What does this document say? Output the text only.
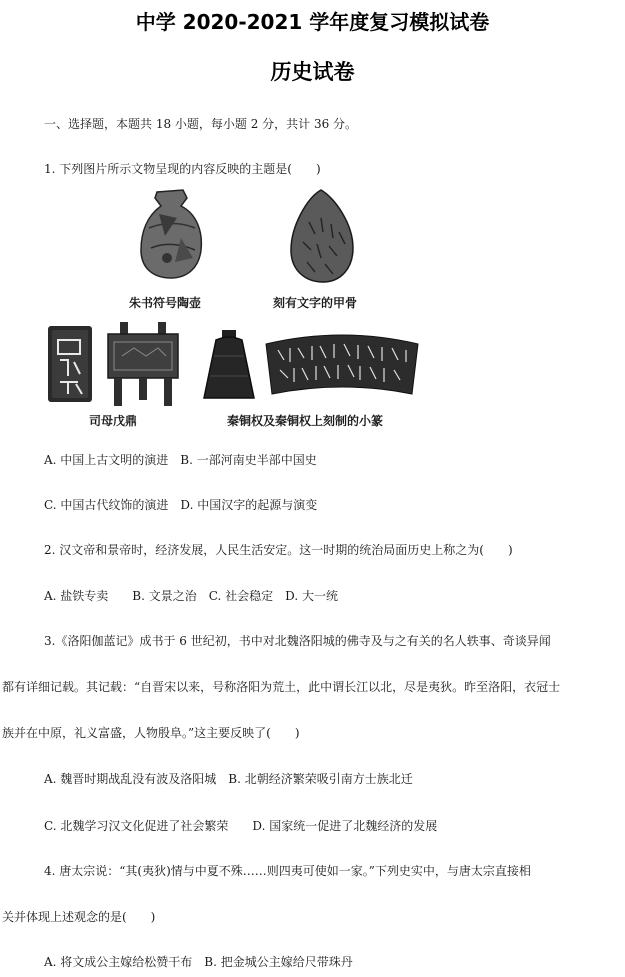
中学 2020-2021 学年度复习模拟试卷
历史试卷
一、选择题，本题共 18 小题，每小题 2 分，共计 36 分。
1. 下列图片所示文物呈现的内容反映的主题是(　　)
朱书符号陶壶	刻有文字的甲骨
司母戊鼎	秦铜权及秦铜权上刻制的小篆
A. 中国上古文明的演进　B. 一部河南史半部中国史
C. 中国古代纹饰的演进　D. 中国汉字的起源与演变
2. 汉文帝和景帝时，经济发展，人民生活安定。这一时期的统治局面历史上称之为(　　)
A. 盐铁专卖　　B. 文景之治　C. 社会稳定　D. 大一统
3.《洛阳伽蓝记》成书于 6 世纪初，书中对北魏洛阳城的佛寺及与之有关的名人轶事、奇谈异闻
都有详细记载。其记载：“自晋宋以来，号称洛阳为荒土，此中谓长江以北，尽是夷狄。昨至洛阳，衣冠士
族并在中原，礼义富盛，人物殷阜。”这主要反映了(　　)
A. 魏晋时期战乱没有波及洛阳城　B. 北朝经济繁荣吸引南方士族北迁
C. 北魏学习汉文化促进了社会繁荣　　D. 国家统一促进了北魏经济的发展
4. 唐太宗说：“其(夷狄)情与中夏不殊……则四夷可使如一家。”下列史实中，与唐太宗直接相
关并体现上述观念的是(　　)
A. 将文成公主嫁给松赞干布　B. 把金城公主嫁给尺带珠丹
